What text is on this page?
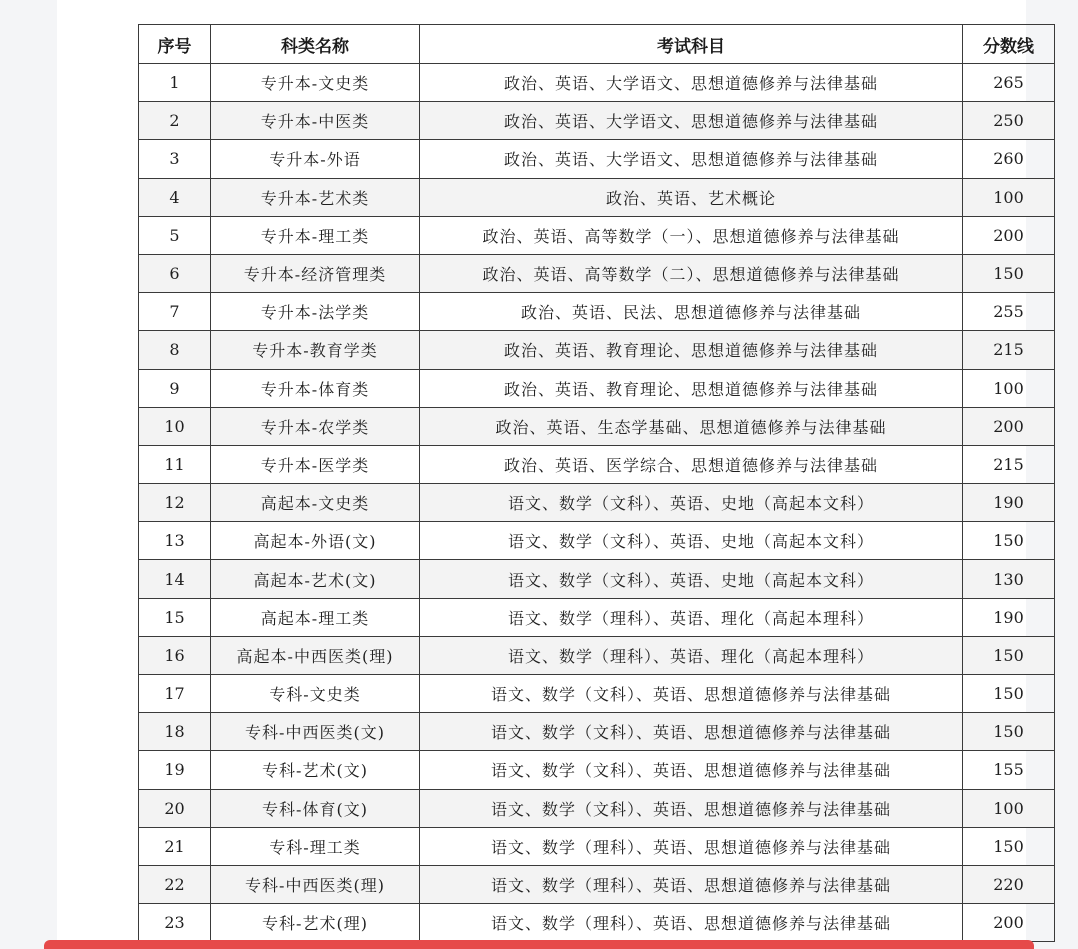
序号	科类名称	考试科目	分数线
1	专升本-文史类	政治、英语、大学语文、思想道德修养与法律基础	265
2	专升本-中医类	政治、英语、大学语文、思想道德修养与法律基础	250
3	专升本-外语	政治、英语、大学语文、思想道德修养与法律基础	260
4	专升本-艺术类	政治、英语、艺术概论	100
5	专升本-理工类	政治、英语、高等数学（一）、思想道德修养与法律基础	200
6	专升本-经济管理类	政治、英语、高等数学（二）、思想道德修养与法律基础	150
7	专升本-法学类	政治、英语、民法、思想道德修养与法律基础	255
8	专升本-教育学类	政治、英语、教育理论、思想道德修养与法律基础	215
9	专升本-体育类	政治、英语、教育理论、思想道德修养与法律基础	100
10	专升本-农学类	政治、英语、生态学基础、思想道德修养与法律基础	200
11	专升本-医学类	政治、英语、医学综合、思想道德修养与法律基础	215
12	高起本-文史类	语文、数学（文科）、英语、史地（高起本文科）	190
13	高起本-外语(文)	语文、数学（文科）、英语、史地（高起本文科）	150
14	高起本-艺术(文)	语文、数学（文科）、英语、史地（高起本文科）	130
15	高起本-理工类	语文、数学（理科）、英语、理化（高起本理科）	190
16	高起本-中西医类(理)	语文、数学（理科）、英语、理化（高起本理科）	150
17	专科-文史类	语文、数学（文科）、英语、思想道德修养与法律基础	150
18	专科-中西医类(文)	语文、数学（文科）、英语、思想道德修养与法律基础	150
19	专科-艺术(文)	语文、数学（文科）、英语、思想道德修养与法律基础	155
20	专科-体育(文)	语文、数学（文科）、英语、思想道德修养与法律基础	100
21	专科-理工类	语文、数学（理科）、英语、思想道德修养与法律基础	150
22	专科-中西医类(理)	语文、数学（理科）、英语、思想道德修养与法律基础	220
23	专科-艺术(理)	语文、数学（理科）、英语、思想道德修养与法律基础	200
